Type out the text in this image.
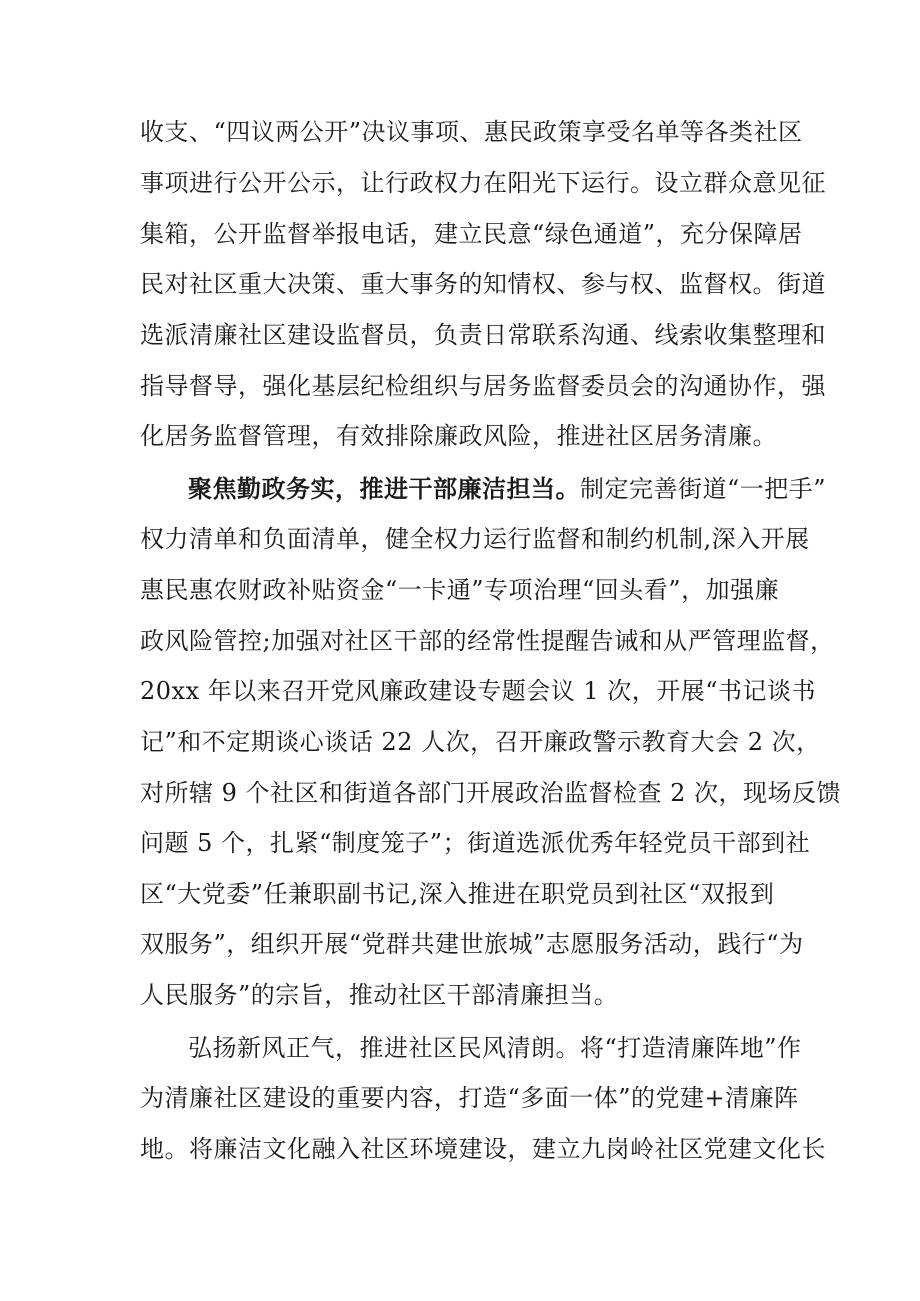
收支、“四议两公开”决议事项、惠民政策享受名单等各类社区
事项进行公开公示，让行政权力在阳光下运行。设立群众意见征
集箱，公开监督举报电话，建立民意“绿色通道”，充分保障居
民对社区重大决策、重大事务的知情权、参与权、监督权。街道
选派清廉社区建设监督员，负责日常联系沟通、线索收集整理和
指导督导，强化基层纪检组织与居务监督委员会的沟通协作，强
化居务监督管理，有效排除廉政风险，推进社区居务清廉。
聚焦勤政务实，推进干部廉洁担当。制定完善街道“一把手”
权力清单和负面清单，健全权力运行监督和制约机制,深入开展
惠民惠农财政补贴资金“一卡通”专项治理“回头看”，加强廉
政风险管控;加强对社区干部的经常性提醒告诫和从严管理监督，
20xx 年以来召开党风廉政建设专题会议 1 次，开展“书记谈书
记”和不定期谈心谈话 22 人次，召开廉政警示教育大会 2 次，
对所辖 9 个社区和街道各部门开展政治监督检查 2 次，现场反馈
问题 5 个，扎紧“制度笼子”；街道选派优秀年轻党员干部到社
区“大党委”任兼职副书记,深入推进在职党员到社区“双报到
双服务”，组织开展“党群共建世旅城”志愿服务活动，践行“为
人民服务”的宗旨，推动社区干部清廉担当。
弘扬新风正气，推进社区民风清朗。将“打造清廉阵地”作
为清廉社区建设的重要内容，打造“多面一体”的党建+清廉阵
地。将廉洁文化融入社区环境建设，建立九岗岭社区党建文化长
